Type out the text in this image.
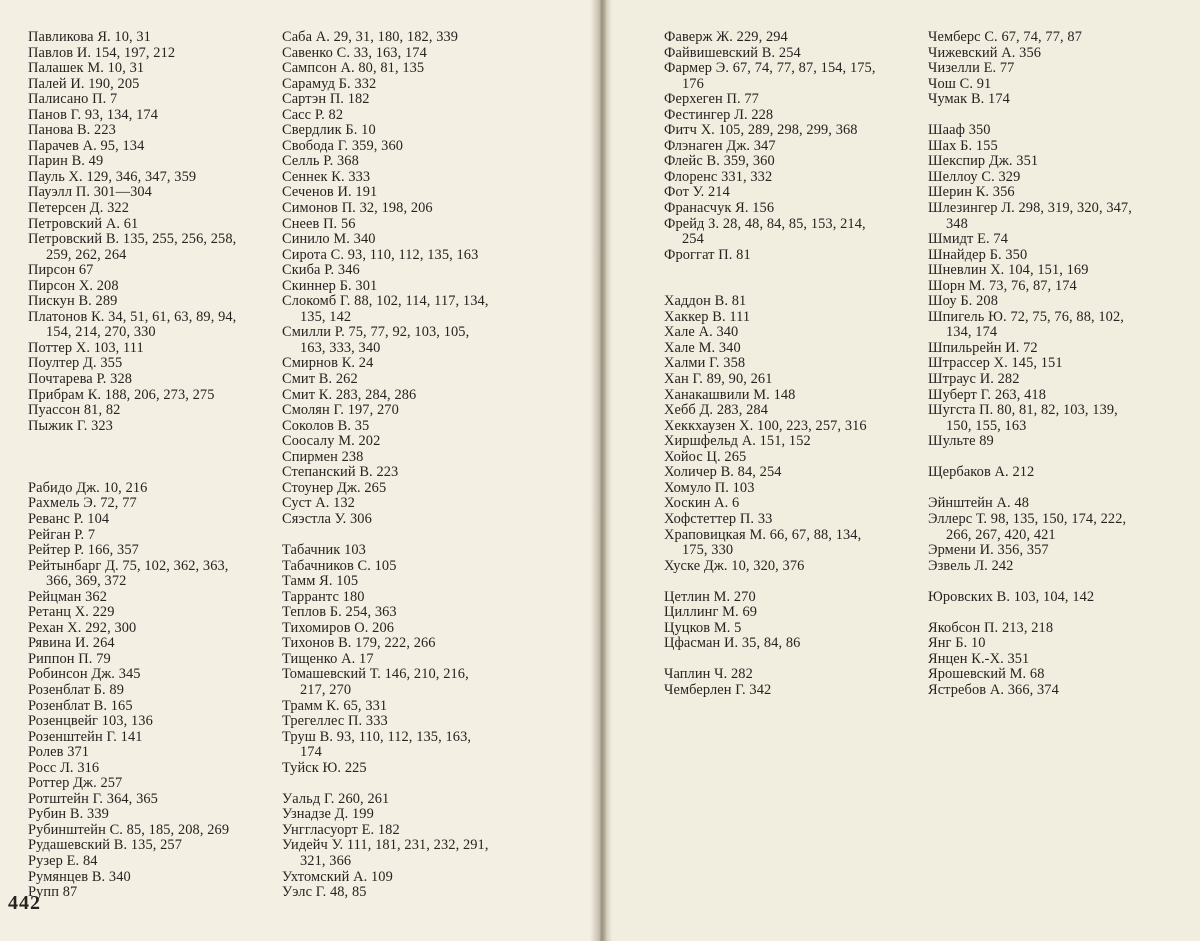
Павликова Я. 10, 31
Павлов И. 154, 197, 212
Палашек М. 10, 31
Палей И. 190, 205
Палисано П. 7
Панов Г. 93, 134, 174
Панова В. 223
Парачев А. 95, 134
Парин В. 49
Пауль Х. 129, 346, 347, 359
Пауэлл П. 301—304
Петерсен Д. 322
Петровский А. 61
Петровский В. 135, 255, 256, 258,
259, 262, 264
Пирсон 67
Пирсон Х. 208
Пискун В. 289
Платонов К. 34, 51, 61, 63, 89, 94,
154, 214, 270, 330
Поттер Х. 103, 111
Поултер Д. 355
Почтарева Р. 328
Прибрам К. 188, 206, 273, 275
Пуассон 81, 82
Пыжик Г. 323
Рабидо Дж. 10, 216
Рахмель Э. 72, 77
Реванс Р. 104
Рейган Р. 7
Рейтер Р. 166, 357
Рейтынбарг Д. 75, 102, 362, 363,
366, 369, 372
Рейцман 362
Ретанц Х. 229
Рехан Х. 292, 300
Рявина И. 264
Риппон П. 79
Робинсон Дж. 345
Розенблат Б. 89
Розенблат В. 165
Розенцвейг 103, 136
Розенштейн Г. 141
Ролев 371
Росс Л. 316
Роттер Дж. 257
Ротштейн Г. 364, 365
Рубин В. 339
Рубинштейн С. 85, 185, 208, 269
Рудашевский В. 135, 257
Рузер Е. 84
Румянцев В. 340
Рупп 87
Саба А. 29, 31, 180, 182, 339
Савенко С. 33, 163, 174
Сампсон А. 80, 81, 135
Сарамуд Б. 332
Сартэн П. 182
Сасс Р. 82
Свердлик Б. 10
Свобода Г. 359, 360
Селль Р. 368
Сеннек К. 333
Сеченов И. 191
Симонов П. 32, 198, 206
Снеев П. 56
Синило М. 340
Сирота С. 93, 110, 112, 135, 163
Скиба Р. 346
Скиннер Б. 301
Слокомб Г. 88, 102, 114, 117, 134,
135, 142
Смилли Р. 75, 77, 92, 103, 105,
163, 333, 340
Смирнов К. 24
Смит В. 262
Смит К. 283, 284, 286
Смолян Г. 197, 270
Соколов В. 35
Соосалу М. 202
Спирмен 238
Степанский В. 223
Стоунер Дж. 265
Суст А. 132
Сяэстла У. 306
Табачник 103
Табачников С. 105
Тамм Я. 105
Таррантс 180
Теплов Б. 254, 363
Тихомиров О. 206
Тихонов В. 179, 222, 266
Тищенко А. 17
Томашевский Т. 146, 210, 216,
217, 270
Трамм К. 65, 331
Трегеллес П. 333
Труш В. 93, 110, 112, 135, 163,
174
Туйск Ю. 225
Уальд Г. 260, 261
Узнадзе Д. 199
Унггласуорт Е. 182
Уидейч У. 111, 181, 231, 232, 291,
321, 366
Ухтомский А. 109
Уэлс Г. 48, 85
Фаверж Ж. 229, 294
Файвишевский В. 254
Фармер Э. 67, 74, 77, 87, 154, 175,
176
Ферхеген П. 77
Фестингер Л. 228
Фитч Х. 105, 289, 298, 299, 368
Флэнаген Дж. 347
Флейс В. 359, 360
Флоренс 331, 332
Фот У. 214
Франасчук Я. 156
Фрейд З. 28, 48, 84, 85, 153, 214,
254
Фроггат П. 81
Хаддон В. 81
Хаккер В. 111
Хале А. 340
Хале М. 340
Халми Г. 358
Хан Г. 89, 90, 261
Ханакашвили М. 148
Хебб Д. 283, 284
Хеккхаузен Х. 100, 223, 257, 316
Хиршфельд А. 151, 152
Хойос Ц. 265
Холичер В. 84, 254
Хомуло П. 103
Хоскин А. 6
Хофстеттер П. 33
Храповицкая М. 66, 67, 88, 134,
175, 330
Хуске Дж. 10, 320, 376
Цетлин М. 270
Циллинг М. 69
Цуцков М. 5
Цфасман И. 35, 84, 86
Чаплин Ч. 282
Чемберлен Г. 342
Чемберс С. 67, 74, 77, 87
Чижевский А. 356
Чизелли Е. 77
Чош С. 91
Чумак В. 174
Шааф 350
Шах Б. 155
Шекспир Дж. 351
Шеллоу С. 329
Шерин К. 356
Шлезингер Л. 298, 319, 320, 347,
348
Шмидт Е. 74
Шнайдер Б. 350
Шневлин Х. 104, 151, 169
Шорн М. 73, 76, 87, 174
Шоу Б. 208
Шпигель Ю. 72, 75, 76, 88, 102,
134, 174
Шпильрейн И. 72
Штрассер Х. 145, 151
Штраус И. 282
Шуберт Г. 263, 418
Шугста П. 80, 81, 82, 103, 139,
150, 155, 163
Шульте 89
Щербаков А. 212
Эйнштейн А. 48
Эллерс Т. 98, 135, 150, 174, 222,
266, 267, 420, 421
Эрмени И. 356, 357
Эзвель Л. 242
Юровских В. 103, 104, 142
Якобсон П. 213, 218
Янг Б. 10
Янцен К.-Х. 351
Ярошевский М. 68
Ястребов А. 366, 374
442
